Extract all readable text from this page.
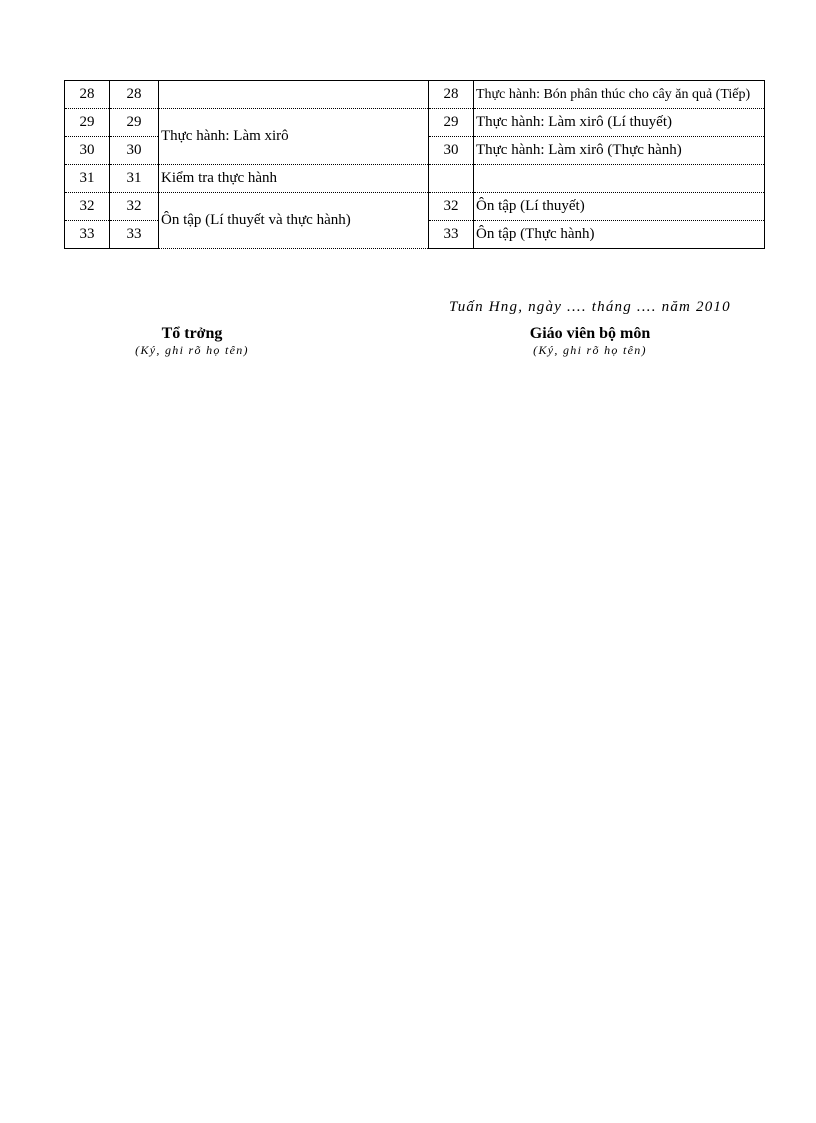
28	28		28	Thực hành: Bón phân thúc cho cây ăn quả (Tiếp)

29	29	Thực hành: Làm xirô	29	Thực hành: Làm xirô (Lí thuyết)
30	30		30	Thực hành: Làm xirô (Thực hành)
31	31	Kiểm tra thực hành		
32	32	Ôn tập (Lí thuyết và thực hành)	32	Ôn tập (Lí thuyết)
33	33		33	Ôn tập (Thực hành)
Tuấn Hng, ngày .... tháng .... năm 2010
Tổ trởng
(Ký, ghi rõ họ tên)
Giáo viên bộ môn
(Ký, ghi rõ họ tên)
